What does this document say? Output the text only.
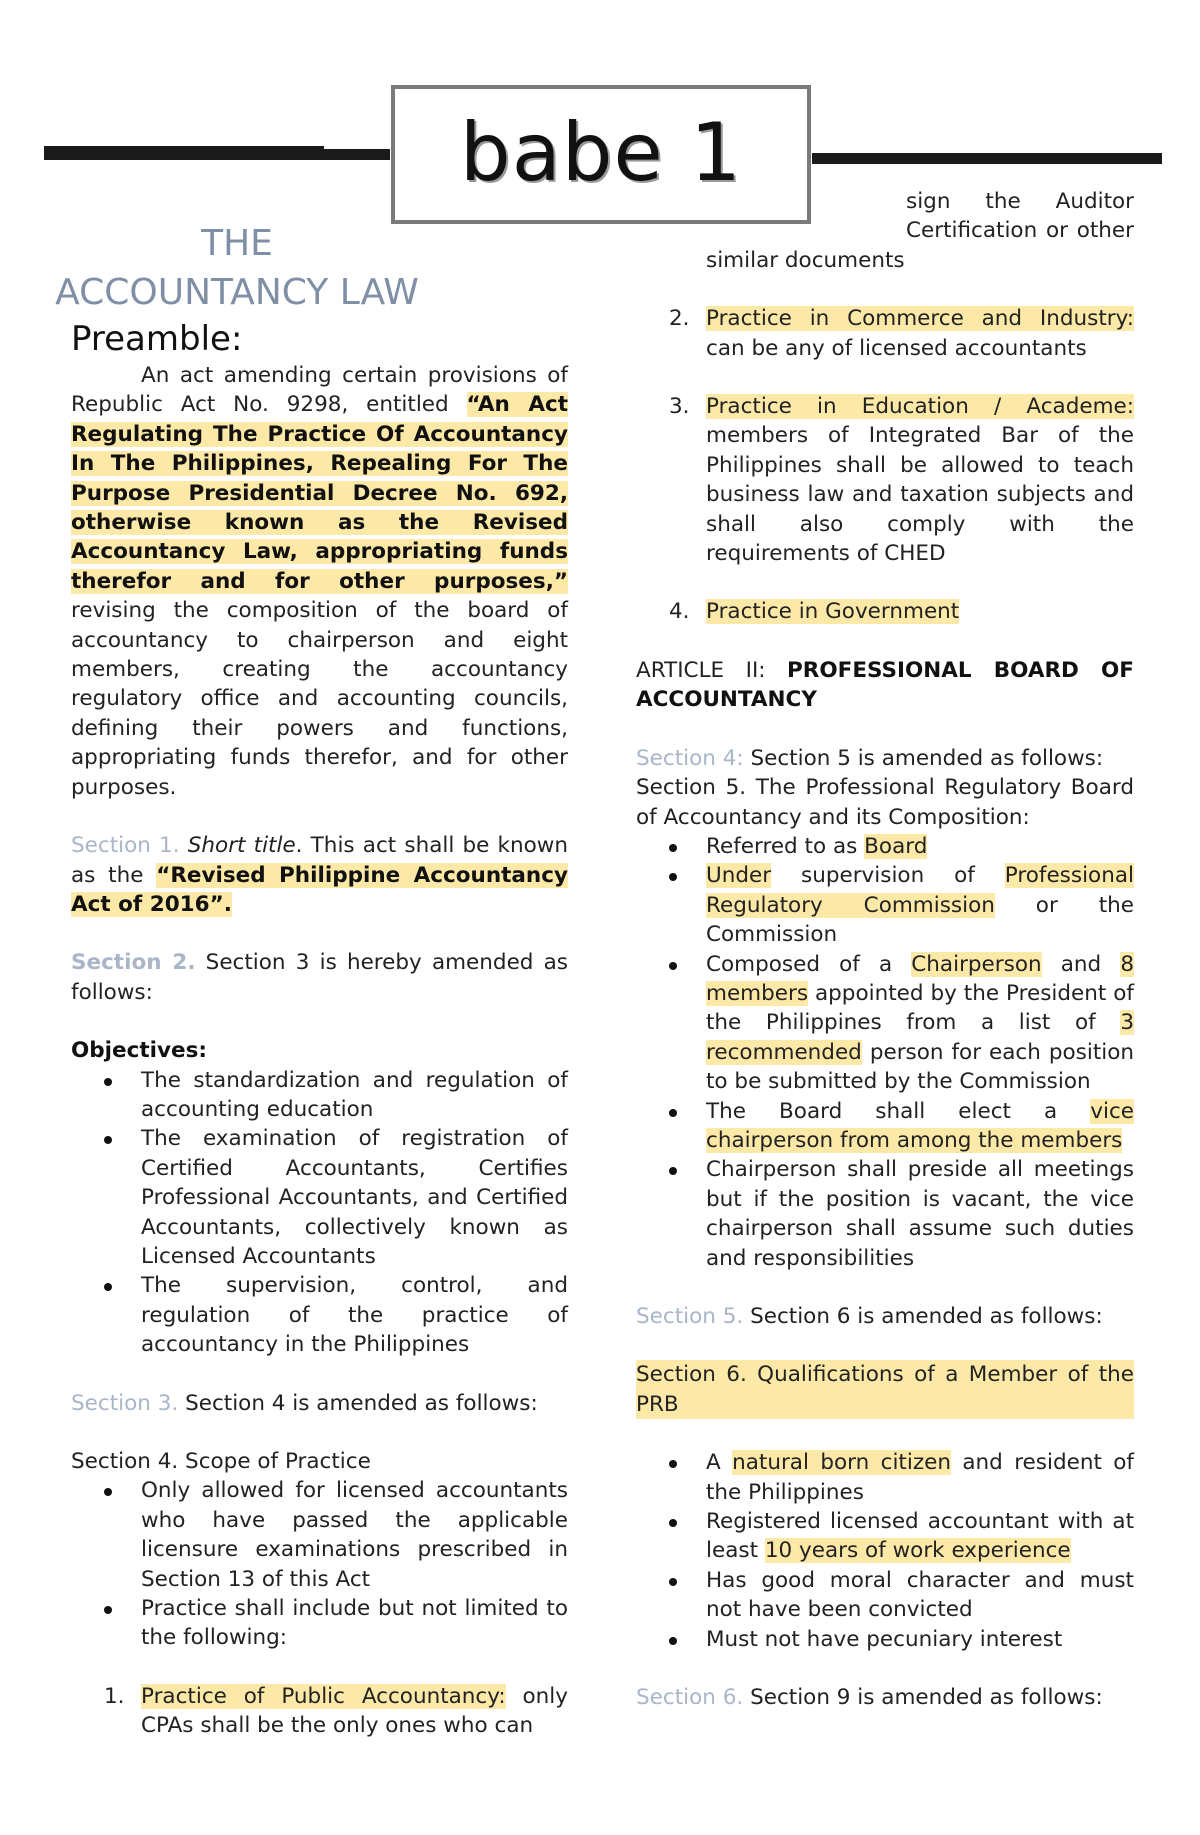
babe 1
THE
ACCOUNTANCY LAW
Preamble:

An act amending certain provisions of Republic Act No. 9298, entitled “An Act Regulating The Practice Of Accountancy In The Philippines, Repealing For The Purpose Presidential Decree No. 692, otherwise known as the Revised Accountancy Law, appropriating funds therefor and for other purposes,” revising the composition of the board of accountancy to chairperson and eight members, creating the accountancy regulatory office and accounting councils, defining their powers and functions, appropriating funds therefor, and for other purposes.

Section 1. Short title. This act shall be known as the “Revised Philippine Accountancy Act of 2016”.

Section 2. Section 3 is hereby amended as follows:

Objectives:
The standardization and regulation of accounting education
The examination of registration of Certified Accountants, Certifies Professional Accountants, and Certified Accountants, collectively known as Licensed Accountants
The supervision, control, and regulation of the practice of accountancy in the Philippines

Section 3. Section 4 is amended as follows:

Section 4. Scope of Practice

Only allowed for licensed accountants who have passed the applicable licensure examinations prescribed in Section 13 of this Act
Practice shall include but not limited to the following:
1. Practice of Public Accountancy: only CPAs shall be the only ones who can

sign the Auditor Certification or other

similar documents

2. Practice in Commerce and Industry: can be any of licensed accountants
3. Practice in Education / Academe: members of Integrated Bar of the Philippines shall be allowed to teach business law and taxation subjects and shall also comply with the requirements of CHED
4. Practice in Government

ARTICLE II: PROFESSIONAL BOARD OF ACCOUNTANCY

Section 4: Section 5 is amended as follows:

Section 5. The Professional Regulatory Board of Accountancy and its Composition:

Referred to as Board
Under supervision of Professional Regulatory Commission or the Commission
Composed of a Chairperson and 8 members appointed by the President of the Philippines from a list of 3 recommended person for each position to be submitted by the Commission
The Board shall elect a vice chairperson from among the members
Chairperson shall preside all meetings but if the position is vacant, the vice chairperson shall assume such duties and responsibilities

Section 5. Section 6 is amended as follows:

Section 6. Qualifications of a Member of the PRB

A natural born citizen and resident of the Philippines
Registered licensed accountant with at least 10 years of work experience
Has good moral character and must not have been convicted
Must not have pecuniary interest

Section 6. Section 9 is amended as follows:
